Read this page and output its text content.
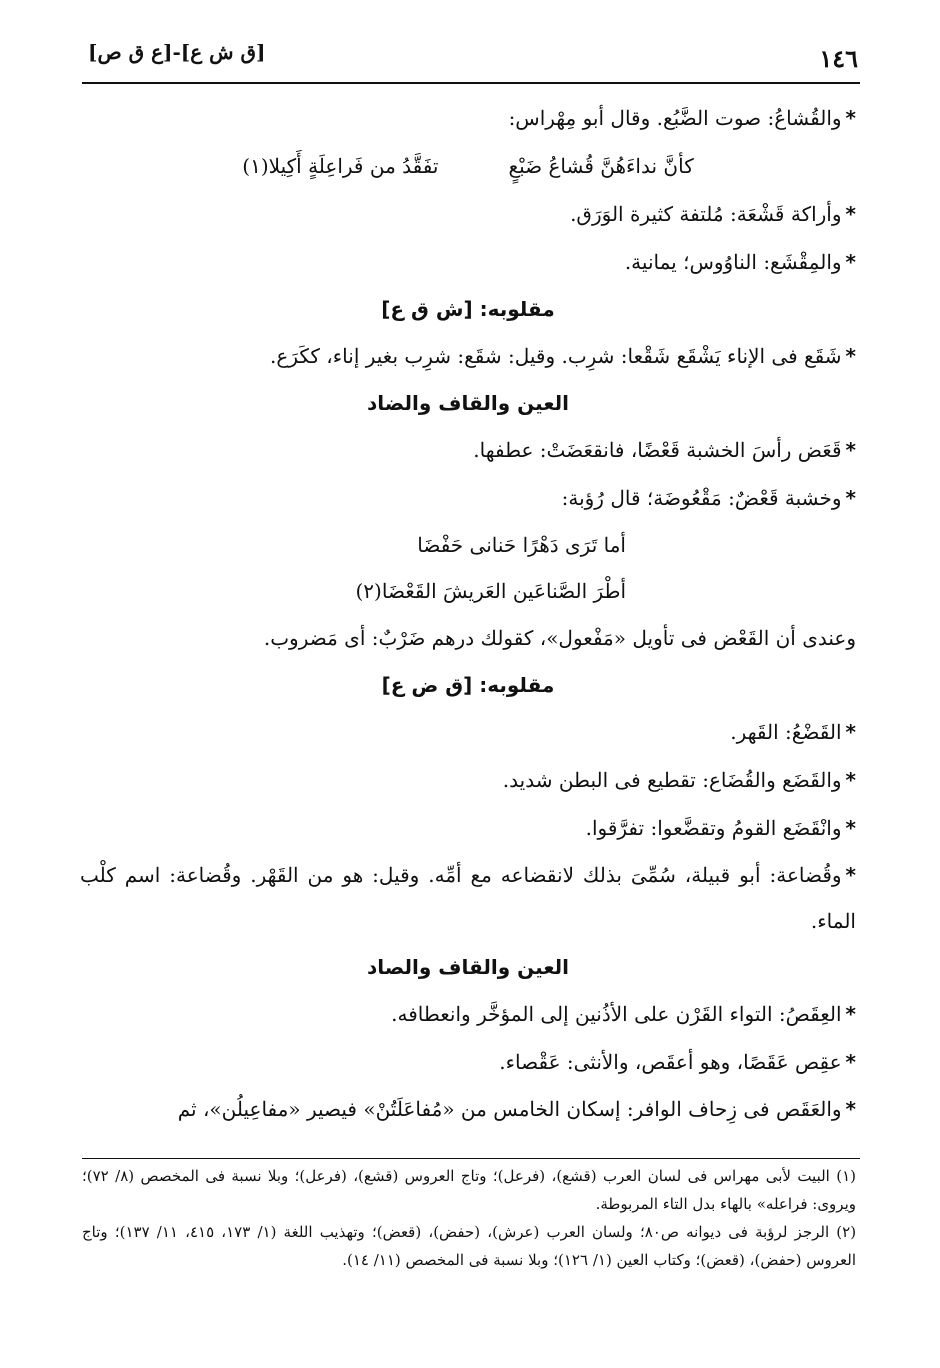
١٤٦
[ق ش ع]-[ع ق ص]
*والقُشاعُ: صوت الضَّبُع. وقال أبو مِهْراس:
كأنَّ نداءَهُنَّ قُشاعُ ضَبْعٍ
تفَقَّدُ من فَراعِلَةٍ أَكِيلا(١)
*وأراكة قَشْعَة: مُلتفة كثيرة الوَرَق.
*والمِقْشَع: الناوُوس؛ يمانية.
مقلوبه: [ش ق ع]
*شَقَع فى الإناء يَشْقَع شَقْعا: شرِب. وقيل: شقَع: شرِب بغير إناء، ككَرَع.
العين والقاف والضاد
*قَعَض رأسَ الخشبة قَعْضًا، فانقعَضَتْ: عطفها.
*وخشبة قَعْضٌ: مَقْعُوضَة؛ قال رُؤبة:
أما تَرَى دَهْرًا حَنانى حَفْضَا
أطْرَ الصَّناعَين العَريشَ القَعْضَا(٢)
وعندى أن القَعْض فى تأويل «مَفْعول»، كقولك درهم ضَرْبٌ: أى مَضروب.
مقلوبه: [ق ض ع]
*القَضْعُ: القَهر.
*والقَضَع والقُضَاع: تقطيع فى البطن شديد.
*وانْقَضَع القومُ وتقضَّعوا: تفرَّقوا.
*وقُضاعة: أبو قبيلة، سُمِّىَ بذلك لانقضاعه مع أمِّه. وقيل: هو من القَهْر. وقُضاعة: اسم كلْب الماء.
العين والقاف والصاد
*العِقَصُ: التواء القَرْن على الأذُنين إلى المؤخَّر وانعطافه.
*عقِص عَقَصًا، وهو أعقَص، والأنثى: عَقْصاء.
*والعَقَص فى زِحاف الوافر: إسكان الخامس من «مُفاعَلَتُنْ» فيصير «مفاعِيلُن»، ثم
(١) البيت لأبى مهراس فى لسان العرب (قشع)، (فرعل)؛ وتاج العروس (قشع)، (فرعل)؛ وبلا نسبة فى المخصص (٨/ ٧٢)؛ ويروى: فراعله» بالهاء بدل التاء المربوطة.
(٢) الرجز لرؤبة فى ديوانه ص٨٠؛ ولسان العرب (عرش)، (حفض)، (قعض)؛ وتهذيب اللغة (١/ ١٧٣، ٤١٥، ١١/ ١٣٧)؛ وتاج العروس (حفض)، (قعض)؛ وكتاب العين (١/ ١٢٦)؛ وبلا نسبة فى المخصص (١١/ ١٤).
